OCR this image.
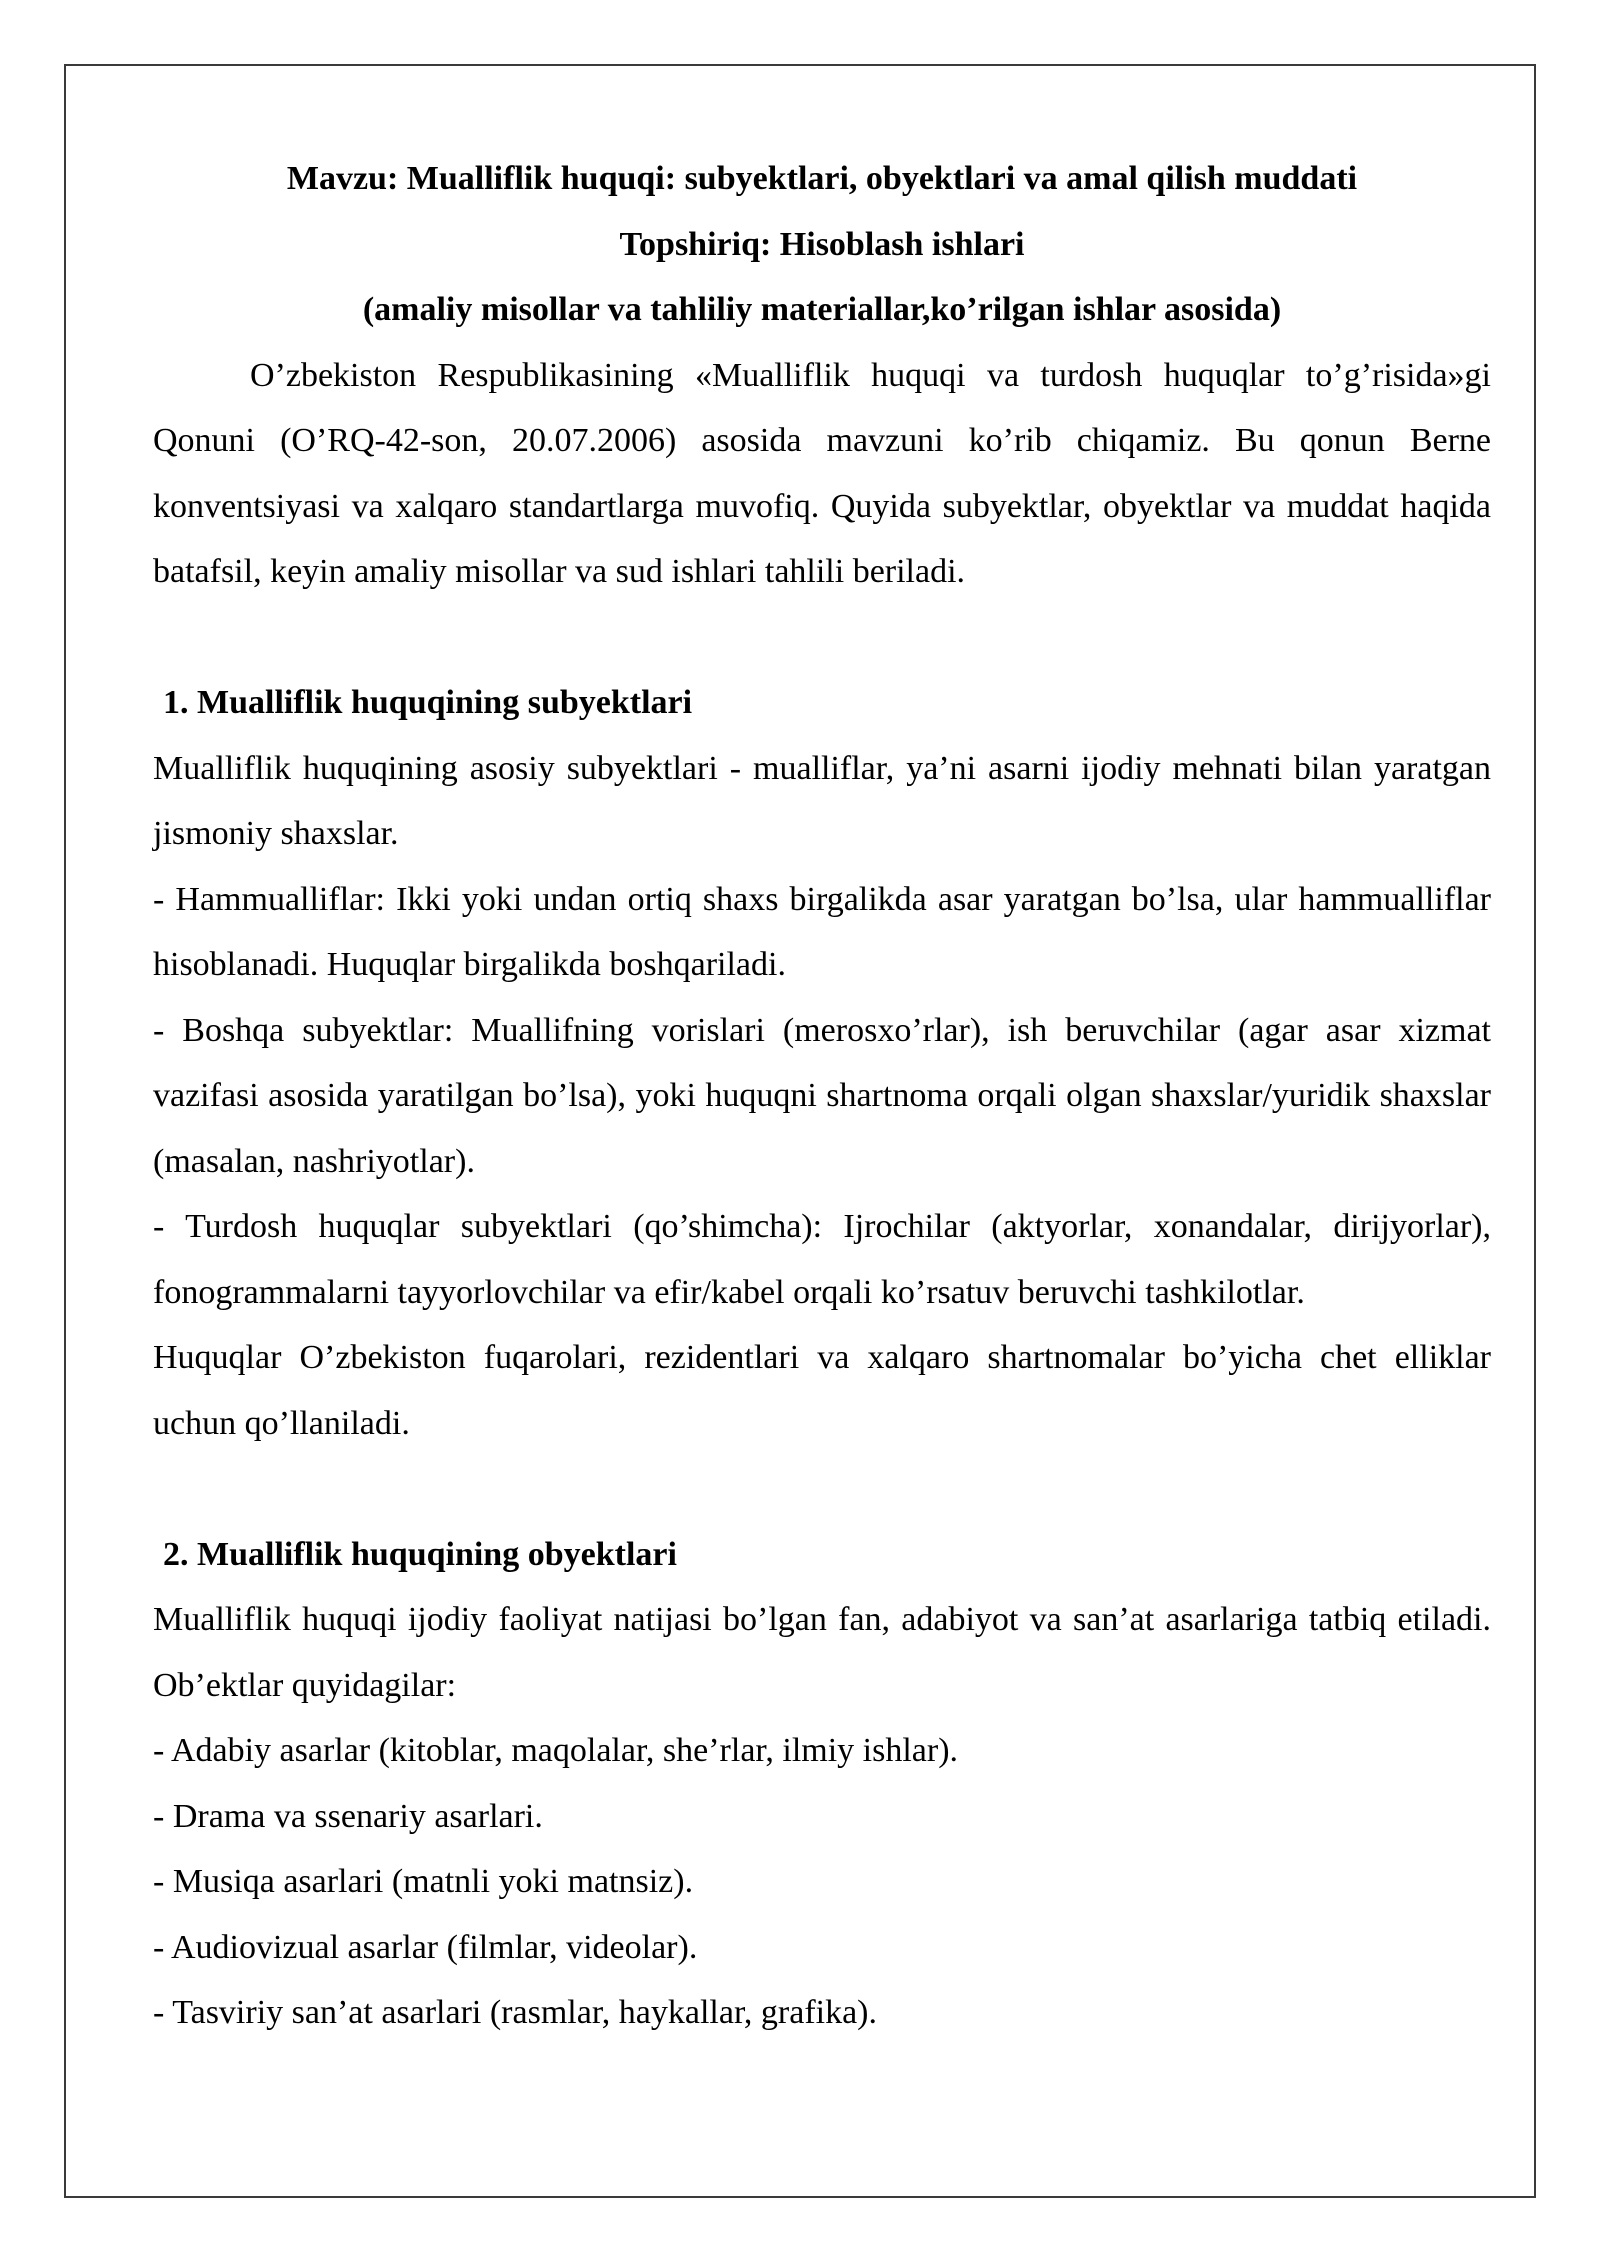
Mavzu: Mualliflik huquqi: subyektlari, obyektlari va amal qilish muddati

Topshiriq: Hisoblash ishlari

(amaliy misollar va tahliliy materiallar,ko’rilgan ishlar asosida)

O’zbekiston Respublikasining «Mualliflik huquqi va turdosh huquqlar to’g’risida»gi Qonuni (O’RQ-42-son, 20.07.2006) asosida mavzuni ko’rib chiqamiz. Bu qonun Berne konventsiyasi va xalqaro standartlarga muvofiq. Quyida subyektlar, obyektlar va muddat haqida batafsil, keyin amaliy misollar va sud ishlari tahlili beriladi.

1. Mualliflik huquqining subyektlari

Mualliflik huquqining asosiy subyektlari - mualliflar, ya’ni asarni ijodiy mehnati bilan yaratgan jismoniy shaxslar.

- Hammualliflar: Ikki yoki undan ortiq shaxs birgalikda asar yaratgan bo’lsa, ular hammualliflar hisoblanadi. Huquqlar birgalikda boshqariladi.

- Boshqa subyektlar: Muallifning vorislari (merosxo’rlar), ish beruvchilar (agar asar xizmat vazifasi asosida yaratilgan bo’lsa), yoki huquqni shartnoma orqali olgan shaxslar/yuridik shaxslar (masalan, nashriyotlar).

- Turdosh huquqlar subyektlari (qo’shimcha): Ijrochilar (aktyorlar, xonandalar, dirijyorlar), fonogrammalarni tayyorlovchilar va efir/kabel orqali ko’rsatuv beruvchi tashkilotlar.

Huquqlar O’zbekiston fuqarolari, rezidentlari va xalqaro shartnomalar bo’yicha chet elliklar uchun qo’llaniladi.

2. Mualliflik huquqining obyektlari

Mualliflik huquqi ijodiy faoliyat natijasi bo’lgan fan, adabiyot va san’at asarlariga tatbiq etiladi. Ob’ektlar quyidagilar:

- Adabiy asarlar (kitoblar, maqolalar, she’rlar, ilmiy ishlar).

- Drama va ssenariy asarlari.

- Musiqa asarlari (matnli yoki matnsiz).

- Audiovizual asarlar (filmlar, videolar).

- Tasviriy san’at asarlari (rasmlar, haykallar, grafika).
